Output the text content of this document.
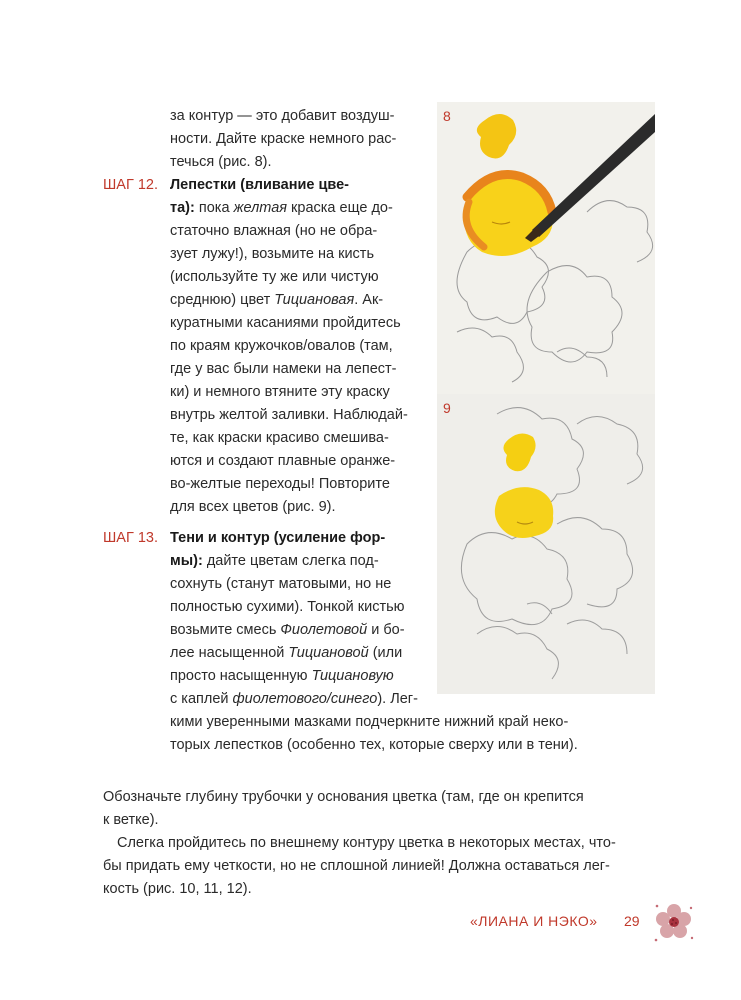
за контур — это добавит воздуш-
ности. Дайте краске немного рас-
течься (рис. 8).
ШАГ 12. Лепестки (вливание цве-
та): пока желтая краска еще до-
статочно влажная (но не обра-
зует лужу!), возьмите на кисть
(используйте ту же или чистую
среднюю) цвет Тициановая. Ак-
куратными касаниями пройдитесь
по краям кружочков/овалов (там,
где у вас были намеки на лепест-
ки) и немного втяните эту краску
внутрь желтой заливки. Наблюдай-
те, как краски красиво смешива-
ются и создают плавные оранже-
во-желтые переходы! Повторите
для всех цветов (рис. 9).
ШАГ 13. Тени и контур (усиление фор-
мы): дайте цветам слегка под-
сохнуть (станут матовыми, но не
полностью сухими). Тонкой кистью
возьмите смесь Фиолетовой и бо-
лее насыщенной Тициановой (или
просто насыщенную Тициановую
с каплей фиолетового/синего). Лег-
кими уверенными мазками подчеркните нижний край неко-
торых лепестков (особенно тех, которые сверху или в тени).
Обозначьте глубину трубочки у основания цветка (там, где он крепится
к ветке).
Слегка пройдитесь по внешнему контуру цветка в некоторых местах, что-
бы придать ему четкости, но не сплошной линией! Должна оставаться лег-
кость (рис. 10, 11, 12).
8
9
«ЛИАНА И НЭКО» 29
